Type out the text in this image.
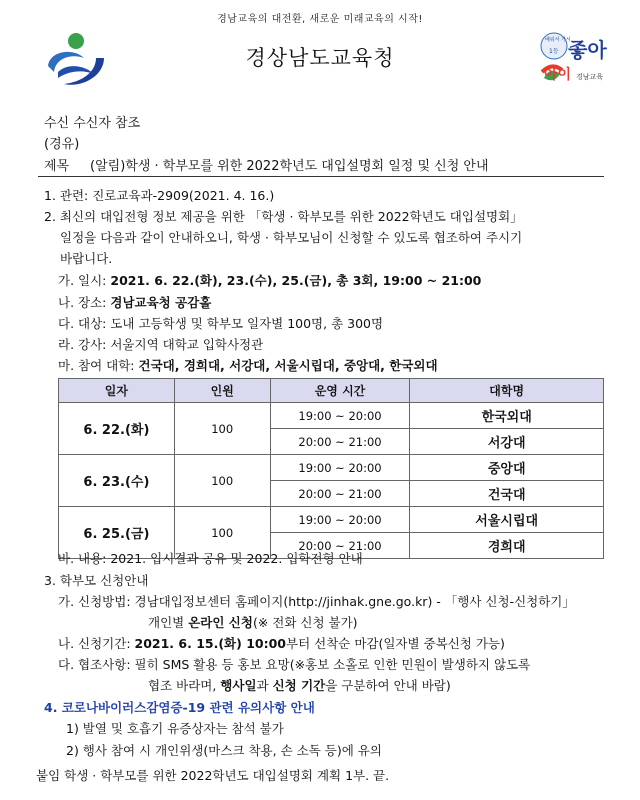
경남교육의 대전환, 새로운 미래교육의 시작!
경상남도교육청
배워서 가서
1등 좋아
아이 경남교육
수신 수신자 참조
(경유)
제목 (알림)학생 · 학부모를 위한 2022학년도 대입설명회 일정 및 신청 안내
1. 관련: 진로교육과-2909(2021. 4. 16.)
2. 최신의 대입전형 정보 제공을 위한 「학생 · 학부모를 위한 2022학년도 대입설명회」
일정을 다음과 같이 안내하오니, 학생 · 학부모님이 신청할 수 있도록 협조하여 주시기
바랍니다.
가. 일시: 2021. 6. 22.(화), 23.(수), 25.(금), 총 3회, 19:00 ~ 21:00
나. 장소: 경남교육청 공감홀
다. 대상: 도내 고등학생 및 학부모 일자별 100명, 총 300명
라. 강사: 서울지역 대학교 입학사정관
마. 참여 대학: 건국대, 경희대, 서강대, 서울시립대, 중앙대, 한국외대
일자	인원	운영 시간	대학명
6. 22.(화)	100	19:00 ~ 20:00	한국외대
		20:00 ~ 21:00	서강대
6. 23.(수)	100	19:00 ~ 20:00	중앙대
		20:00 ~ 21:00	건국대
6. 25.(금)	100	19:00 ~ 20:00	서울시립대
		20:00 ~ 21:00	경희대
바. 내용: 2021. 입시결과 공유 및 2022. 입학전형 안내
3. 학부모 신청안내
가. 신청방법: 경남대입정보센터 홈페이지(http://jinhak.gne.go.kr) - 「행사 신청-신청하기」
개인별 온라인 신청(※ 전화 신청 불가)
나. 신청기간: 2021. 6. 15.(화) 10:00부터 선착순 마감(일자별 중복신청 가능)
다. 협조사항: 필히 SMS 활용 등 홍보 요망(※홍보 소홀로 인한 민원이 발생하지 않도록
협조 바라며, 행사일과 신청 기간을 구분하여 안내 바람)
4. 코로나바이러스감염증-19 관련 유의사항 안내
1) 발열 및 호흡기 유증상자는 참석 불가
2) 행사 참여 시 개인위생(마스크 착용, 손 소독 등)에 유의
붙임 학생 · 학부모를 위한 2022학년도 대입설명회 계획 1부. 끝.
